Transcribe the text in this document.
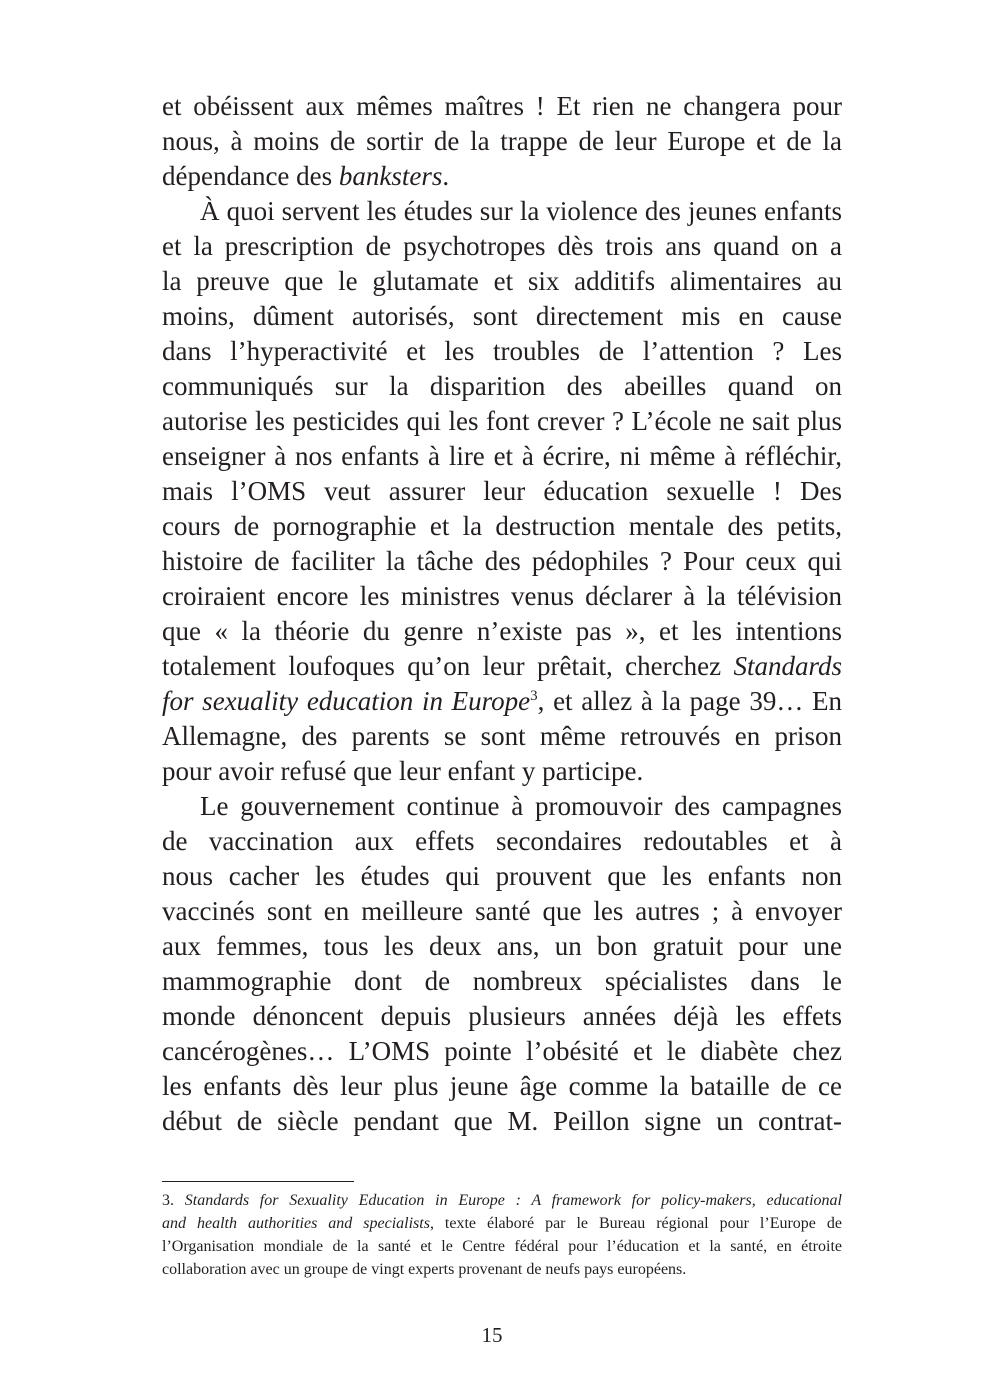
et obéissent aux mêmes maîtres ! Et rien ne changera pour
nous, à moins de sortir de la trappe de leur Europe et de la
dépendance des banksters.
À quoi servent les études sur la violence des jeunes enfants
et la prescription de psychotropes dès trois ans quand on a
la preuve que le glutamate et six additifs alimentaires au
moins, dûment autorisés, sont directement mis en cause
dans l’hyperactivité et les troubles de l’attention ? Les
communiqués sur la disparition des abeilles quand on
autorise les pesticides qui les font crever ? L’école ne sait plus
enseigner à nos enfants à lire et à écrire, ni même à réfléchir,
mais l’OMS veut assurer leur éducation sexuelle ! Des
cours de pornographie et la destruction mentale des petits,
histoire de faciliter la tâche des pédophiles ? Pour ceux qui
croiraient encore les ministres venus déclarer à la télévision
que « la théorie du genre n’existe pas », et les intentions
totalement loufoques qu’on leur prêtait, cherchez Standards
for sexuality education in Europe$^3$, et allez à la page 39… En
Allemagne, des parents se sont même retrouvés en prison
pour avoir refusé que leur enfant y participe.
Le gouvernement continue à promouvoir des campagnes
de vaccination aux effets secondaires redoutables et à
nous cacher les études qui prouvent que les enfants non
vaccinés sont en meilleure santé que les autres ; à envoyer
aux femmes, tous les deux ans, un bon gratuit pour une
mammographie dont de nombreux spécialistes dans le
monde dénoncent depuis plusieurs années déjà les effets
cancérogènes… L’OMS pointe l’obésité et le diabète chez
les enfants dès leur plus jeune âge comme la bataille de ce
début de siècle pendant que M. Peillon signe un contrat-
3. Standards for Sexuality Education in Europe : A framework for policy-makers, educational
and health authorities and specialists, texte élaboré par le Bureau régional pour l’Europe de
l’Organisation mondiale de la santé et le Centre fédéral pour l’éducation et la santé, en étroite
collaboration avec un groupe de vingt experts provenant de neufs pays européens.
15
